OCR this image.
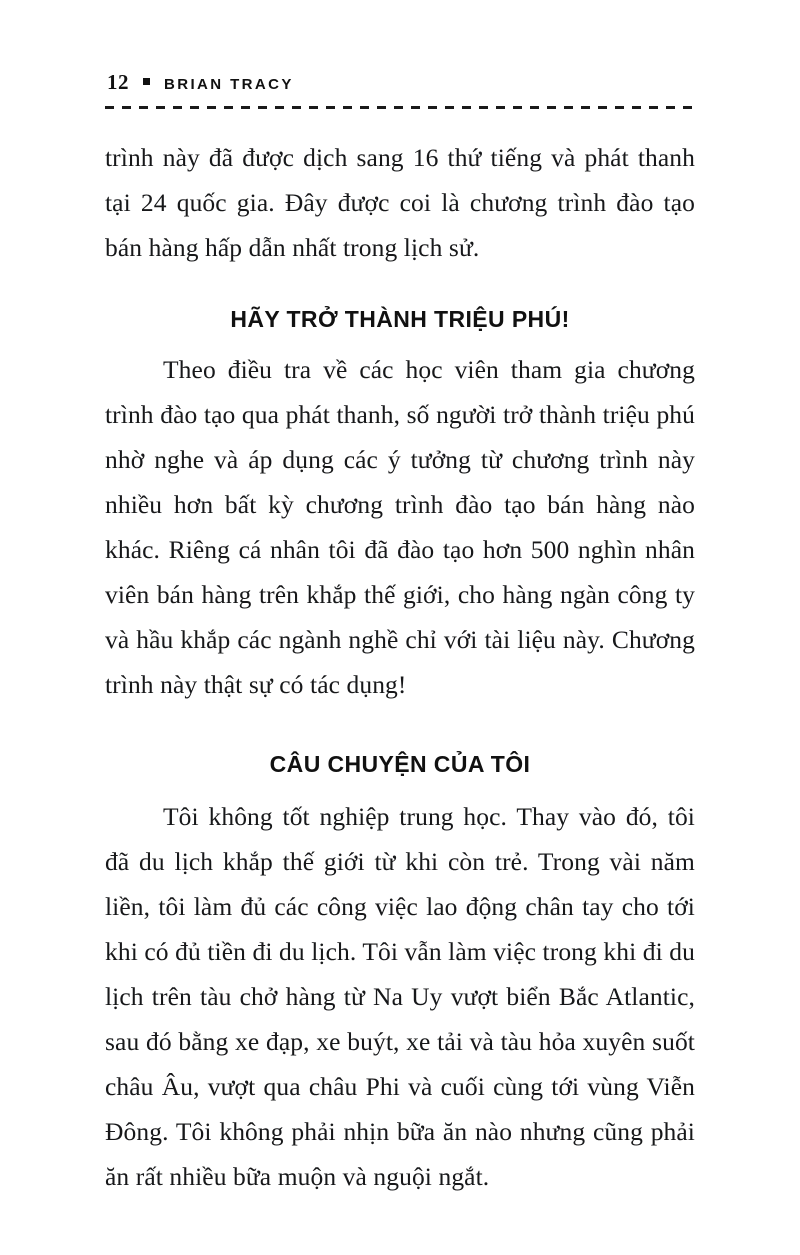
12 BRIAN TRACY

trình này đã được dịch sang 16 thứ tiếng và phát thanh tại 24 quốc gia. Đây được coi là chương trình đào tạo bán hàng hấp dẫn nhất trong lịch sử.

HÃY TRỞ THÀNH TRIỆU PHÚ!

Theo điều tra về các học viên tham gia chương trình đào tạo qua phát thanh, số người trở thành triệu phú nhờ nghe và áp dụng các ý tưởng từ chương trình này nhiều hơn bất kỳ chương trình đào tạo bán hàng nào khác. Riêng cá nhân tôi đã đào tạo hơn 500 nghìn nhân viên bán hàng trên khắp thế giới, cho hàng ngàn công ty và hầu khắp các ngành nghề chỉ với tài liệu này. Chương trình này thật sự có tác dụng!

CÂU CHUYỆN CỦA TÔI

Tôi không tốt nghiệp trung học. Thay vào đó, tôi đã du lịch khắp thế giới từ khi còn trẻ. Trong vài năm liền, tôi làm đủ các công việc lao động chân tay cho tới khi có đủ tiền đi du lịch. Tôi vẫn làm việc trong khi đi du lịch trên tàu chở hàng từ Na Uy vượt biển Bắc Atlantic, sau đó bằng xe đạp, xe buýt, xe tải và tàu hỏa xuyên suốt châu Âu, vượt qua châu Phi và cuối cùng tới vùng Viễn Đông. Tôi không phải nhịn bữa ăn nào nhưng cũng phải ăn rất nhiều bữa muộn và nguội ngắt.
